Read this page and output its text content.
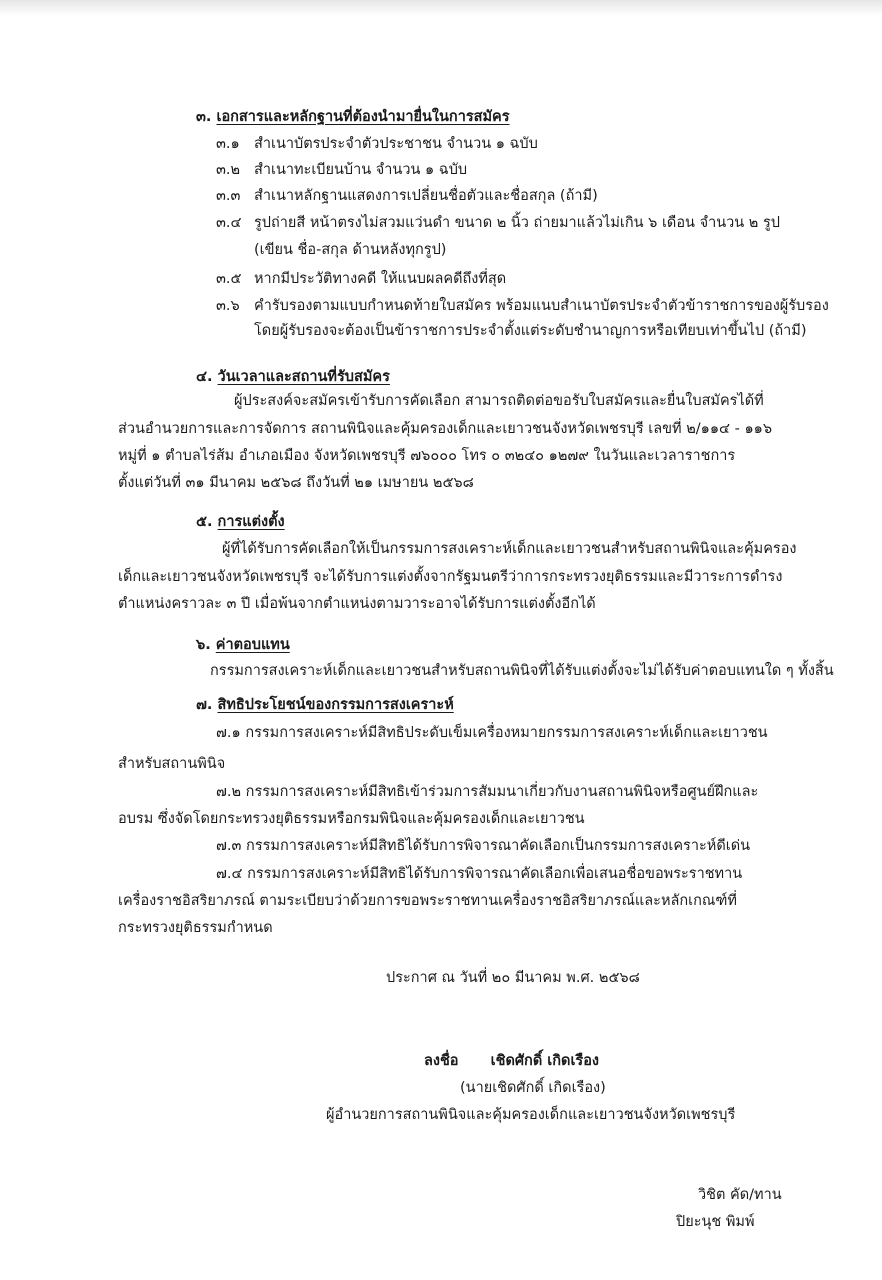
๓. เอกสารและหลักฐานที่ต้องนำมายื่นในการสมัคร
๓.๑ สำเนาบัตรประจำตัวประชาชน จำนวน ๑ ฉบับ
๓.๒ สำเนาทะเบียนบ้าน จำนวน ๑ ฉบับ
๓.๓ สำเนาหลักฐานแสดงการเปลี่ยนชื่อตัวและชื่อสกุล (ถ้ามี)
๓.๔ รูปถ่ายสี หน้าตรงไม่สวมแว่นดำ ขนาด ๒ นิ้ว ถ่ายมาแล้วไม่เกิน ๖ เดือน จำนวน ๒ รูป
(เขียน ชื่อ-สกุล ด้านหลังทุกรูป)
๓.๕ หากมีประวัติทางคดี ให้แนบผลคดีถึงที่สุด
๓.๖ คำรับรองตามแบบกำหนดท้ายใบสมัคร พร้อมแนบสำเนาบัตรประจำตัวข้าราชการของผู้รับรอง
โดยผู้รับรองจะต้องเป็นข้าราชการประจำตั้งแต่ระดับชำนาญการหรือเทียบเท่าขึ้นไป (ถ้ามี)
๔. วันเวลาและสถานที่รับสมัคร
ผู้ประสงค์จะสมัครเข้ารับการคัดเลือก สามารถติดต่อขอรับใบสมัครและยื่นใบสมัครได้ที่
ส่วนอำนวยการและการจัดการ สถานพินิจและคุ้มครองเด็กและเยาวชนจังหวัดเพชรบุรี เลขที่ ๒/๑๑๔ - ๑๑๖
หมู่ที่ ๑ ตำบลไร่ส้ม อำเภอเมือง จังหวัดเพชรบุรี ๗๖๐๐๐ โทร ๐ ๓๒๔๐ ๑๒๗๙ ในวันและเวลาราชการ
ตั้งแต่วันที่ ๓๑ มีนาคม ๒๕๖๘ ถึงวันที่ ๒๑ เมษายน ๒๕๖๘
๕. การแต่งตั้ง
ผู้ที่ได้รับการคัดเลือกให้เป็นกรรมการสงเคราะห์เด็กและเยาวชนสำหรับสถานพินิจและคุ้มครอง
เด็กและเยาวชนจังหวัดเพชรบุรี จะได้รับการแต่งตั้งจากรัฐมนตรีว่าการกระทรวงยุติธรรมและมีวาระการดำรง
ตำแหน่งคราวละ ๓ ปี เมื่อพ้นจากตำแหน่งตามวาระอาจได้รับการแต่งตั้งอีกได้
๖. ค่าตอบแทน
กรรมการสงเคราะห์เด็กและเยาวชนสำหรับสถานพินิจที่ได้รับแต่งตั้งจะไม่ได้รับค่าตอบแทนใด ๆ ทั้งสิ้น
๗. สิทธิประโยชน์ของกรรมการสงเคราะห์
๗.๑ กรรมการสงเคราะห์มีสิทธิประดับเข็มเครื่องหมายกรรมการสงเคราะห์เด็กและเยาวชน
สำหรับสถานพินิจ
๗.๒ กรรมการสงเคราะห์มีสิทธิเข้าร่วมการสัมมนาเกี่ยวกับงานสถานพินิจหรือศูนย์ฝึกและ
อบรม ซึ่งจัดโดยกระทรวงยุติธรรมหรือกรมพินิจและคุ้มครองเด็กและเยาวชน
๗.๓ กรรมการสงเคราะห์มีสิทธิได้รับการพิจารณาคัดเลือกเป็นกรรมการสงเคราะห์ดีเด่น
๗.๔ กรรมการสงเคราะห์มีสิทธิได้รับการพิจารณาคัดเลือกเพื่อเสนอชื่อขอพระราชทาน
เครื่องราชอิสริยาภรณ์ ตามระเบียบว่าด้วยการขอพระราชทานเครื่องราชอิสริยาภรณ์และหลักเกณฑ์ที่
กระทรวงยุติธรรมกำหนด
ประกาศ ณ วันที่ ๒๐ มีนาคม พ.ศ. ๒๕๖๘
ลงชื่อ เชิดศักดิ์ เกิดเรือง
(นายเชิดศักดิ์ เกิดเรือง)
ผู้อำนวยการสถานพินิจและคุ้มครองเด็กและเยาวชนจังหวัดเพชรบุรี
วิชิต คัด/ทาน
ปิยะนุช พิมพ์
